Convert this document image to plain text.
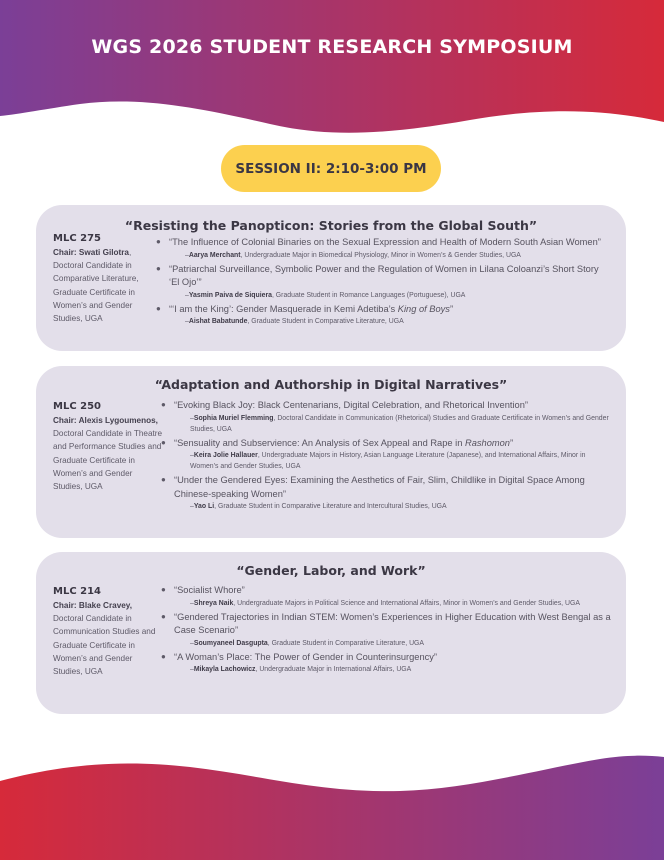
WGS 2026 STUDENT RESEARCH SYMPOSIUM
SESSION II: 2:10-3:00 PM
“Resisting the Panopticon: Stories from the Global South”
MLC 275
Chair: Swati Gilotra, Doctoral Candidate in Comparative Literature, Graduate Certificate in Women’s and Gender Studies, UGA
● “The Influence of Colonial Binaries on the Sexual Expression and Health of Modern South Asian Women”
–Aarya Merchant, Undergraduate Major in Biomedical Physiology, Minor in Women’s & Gender Studies, UGA
● “Patriarchal Surveillance, Symbolic Power and the Regulation of Women in Lilana Coloanzi’s Short Story ‘El Ojo’”
–Yasmin Paiva de Siquiera, Graduate Student in Romance Languages (Portuguese), UGA
● “‘I am the King’: Gender Masquerade in Kemi Adetiba’s King of Boys”
–Aishat Babatunde, Graduate Student in Comparative Literature, UGA
“Adaptation and Authorship in Digital Narratives”
MLC 250
Chair: Alexis Lygoumenos, Doctoral Candidate in Theatre and Performance Studies and Graduate Certificate in Women’s and Gender Studies, UGA
● “Evoking Black Joy: Black Centenarians, Digital Celebration, and Rhetorical Invention”
–Sophia Muriel Flemming, Doctoral Candidate in Communication (Rhetorical) Studies and Graduate Certificate in Women’s and Gender Studies, UGA
● “Sensuality and Subservience: An Analysis of Sex Appeal and Rape in Rashomon”
–Keira Jolie Hallauer, Undergraduate Majors in History, Asian Language Literature (Japanese), and International Affairs, Minor in Women’s and Gender Studies, UGA
● “Under the Gendered Eyes: Examining the Aesthetics of Fair, Slim, Childlike in Digital Space Among Chinese-speaking Women”
–Yao Li, Graduate Student in Comparative Literature and Intercultural Studies, UGA
“Gender, Labor, and Work”
MLC 214
Chair: Blake Cravey, Doctoral Candidate in Communication Studies and Graduate Certificate in Women’s and Gender Studies, UGA
● “Socialist Whore”
–Shreya Naik, Undergraduate Majors in Political Science and International Affairs, Minor in Women’s and Gender Studies, UGA
● “Gendered Trajectories in Indian STEM: Women’s Experiences in Higher Education with West Bengal as a Case Scenario”
–Soumyaneel Dasgupta, Graduate Student in Comparative Literature, UGA
● “A Woman’s Place: The Power of Gender in Counterinsurgency”
–Mikayla Lachowicz, Undergraduate Major in International Affairs, UGA
